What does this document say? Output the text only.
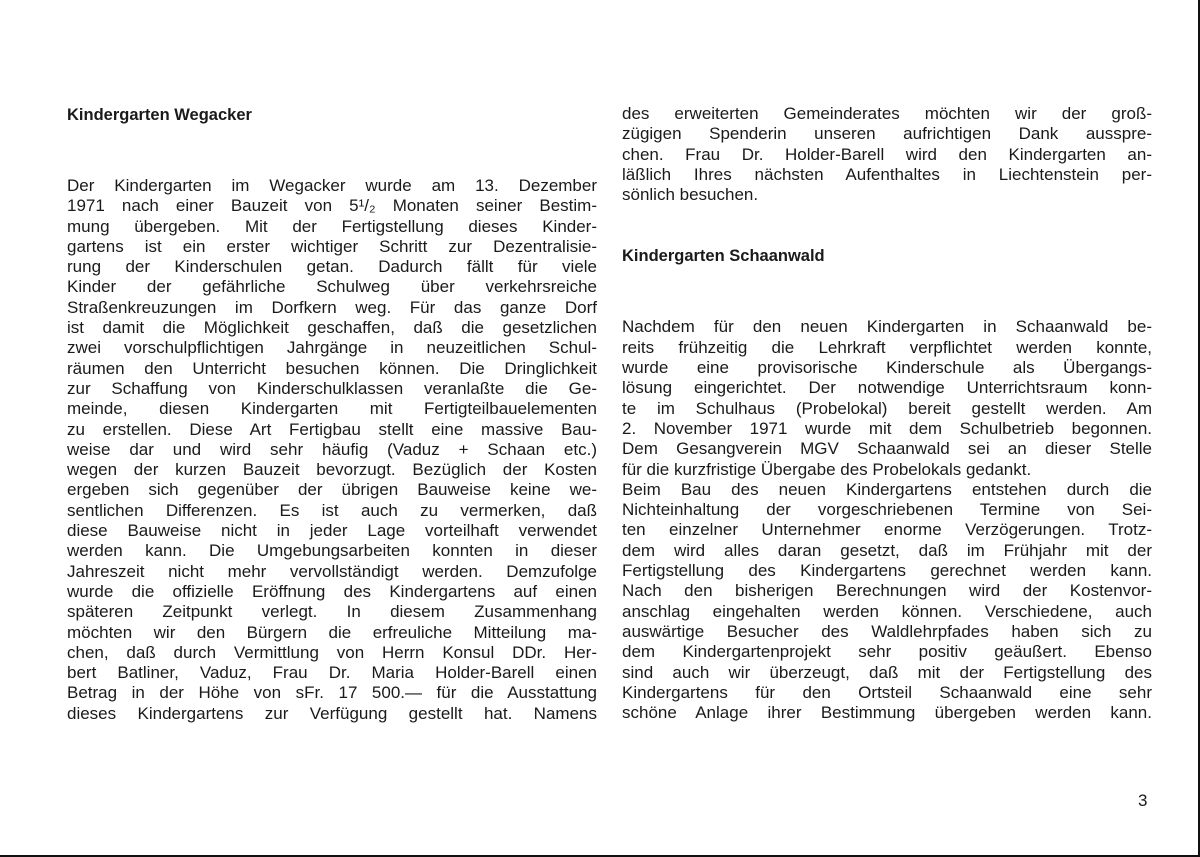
Kindergarten Wegacker
Der Kindergarten im Wegacker wurde am 13. Dezember
1971 nach einer Bauzeit von 5¹/₂ Monaten seiner Bestim-
mung übergeben. Mit der Fertigstellung dieses Kinder-
gartens ist ein erster wichtiger Schritt zur Dezentralisie-
rung der Kinderschulen getan. Dadurch fällt für viele
Kinder der gefährliche Schulweg über verkehrsreiche
Straßenkreuzungen im Dorfkern weg. Für das ganze Dorf
ist damit die Möglichkeit geschaffen, daß die gesetzlichen
zwei vorschulpflichtigen Jahrgänge in neuzeitlichen Schul-
räumen den Unterricht besuchen können. Die Dringlichkeit
zur Schaffung von Kinderschulklassen veranlaßte die Ge-
meinde, diesen Kindergarten mit Fertigteilbauelementen
zu erstellen. Diese Art Fertigbau stellt eine massive Bau-
weise dar und wird sehr häufig (Vaduz + Schaan etc.)
wegen der kurzen Bauzeit bevorzugt. Bezüglich der Kosten
ergeben sich gegenüber der übrigen Bauweise keine we-
sentlichen Differenzen. Es ist auch zu vermerken, daß
diese Bauweise nicht in jeder Lage vorteilhaft verwendet
werden kann. Die Umgebungsarbeiten konnten in dieser
Jahreszeit nicht mehr vervollständigt werden. Demzufolge
wurde die offizielle Eröffnung des Kindergartens auf einen
späteren Zeitpunkt verlegt. In diesem Zusammenhang
möchten wir den Bürgern die erfreuliche Mitteilung ma-
chen, daß durch Vermittlung von Herrn Konsul DDr. Her-
bert Batliner, Vaduz, Frau Dr. Maria Holder-Barell einen
Betrag in der Höhe von sFr. 17 500.— für die Ausstattung
dieses Kindergartens zur Verfügung gestellt hat. Namens
des erweiterten Gemeinderates möchten wir der groß-
zügigen Spenderin unseren aufrichtigen Dank ausspre-
chen. Frau Dr. Holder-Barell wird den Kindergarten an-
läßlich Ihres nächsten Aufenthaltes in Liechtenstein per-
sönlich besuchen.
Kindergarten Schaanwald
Nachdem für den neuen Kindergarten in Schaanwald be-
reits frühzeitig die Lehrkraft verpflichtet werden konnte,
wurde eine provisorische Kinderschule als Übergangs-
lösung eingerichtet. Der notwendige Unterrichtsraum konn-
te im Schulhaus (Probelokal) bereit gestellt werden. Am
2. November 1971 wurde mit dem Schulbetrieb begonnen.
Dem Gesangverein MGV Schaanwald sei an dieser Stelle
für die kurzfristige Übergabe des Probelokals gedankt.
Beim Bau des neuen Kindergartens entstehen durch die
Nichteinhaltung der vorgeschriebenen Termine von Sei-
ten einzelner Unternehmer enorme Verzögerungen. Trotz-
dem wird alles daran gesetzt, daß im Frühjahr mit der
Fertigstellung des Kindergartens gerechnet werden kann.
Nach den bisherigen Berechnungen wird der Kostenvor-
anschlag eingehalten werden können. Verschiedene, auch
auswärtige Besucher des Waldlehrpfades haben sich zu
dem Kindergartenprojekt sehr positiv geäußert. Ebenso
sind auch wir überzeugt, daß mit der Fertigstellung des
Kindergartens für den Ortsteil Schaanwald eine sehr
schöne Anlage ihrer Bestimmung übergeben werden kann.
3
